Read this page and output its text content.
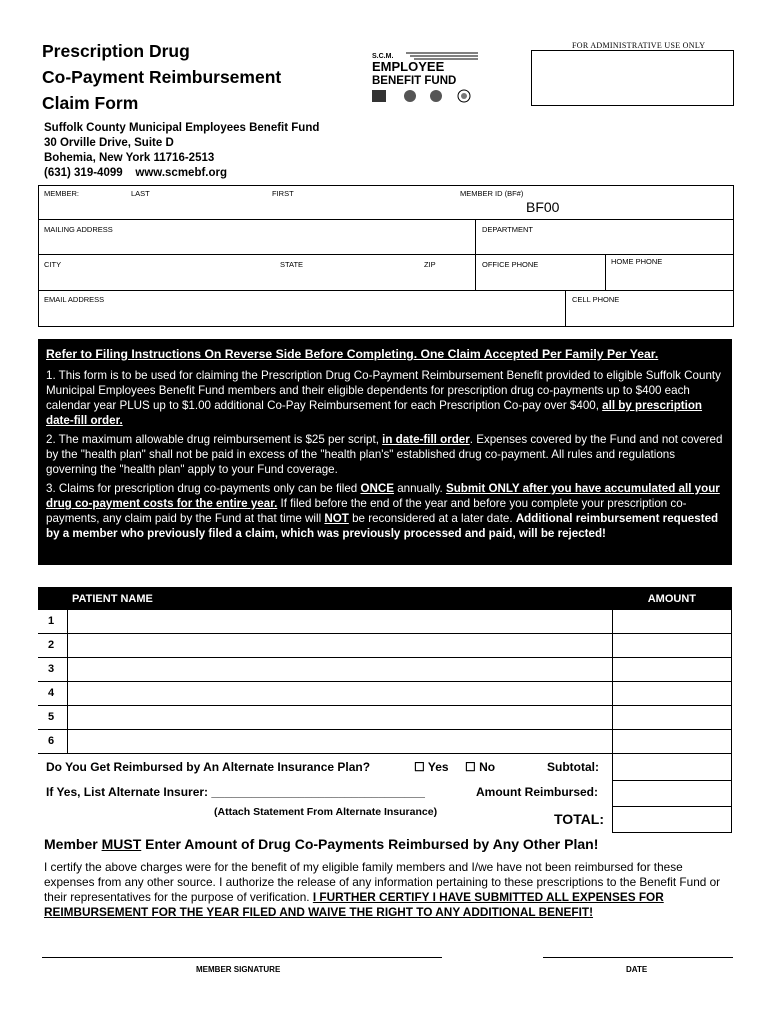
Prescription Drug
Co-Payment Reimbursement
Claim Form
S.C.M.
EMPLOYEE
BENEFIT FUND
FOR ADMINISTRATIVE USE ONLY
Suffolk County Municipal Employees Benefit Fund
30 Orville Drive, Suite D
Bohemia, New York 11716-2513
(631) 319-4099    www.scmebf.org
MEMBER:	LAST	FIRST	MEMBER ID (BF#)
BF00
MAILING ADDRESS	DEPARTMENT
CITY	STATE	ZIP	OFFICE PHONE	HOME PHONE
EMAIL ADDRESS	CELL PHONE
Refer to Filing Instructions On Reverse Side Before Completing. One Claim Accepted Per Family Per Year.

1. This form is to be used for claiming the Prescription Drug Co-Payment Reimbursement Benefit provided to eligible Suffolk County Municipal Employees Benefit Fund members and their eligible dependents for prescription drug co-payments up to $400 each calendar year PLUS up to $1.00 additional Co-Pay Reimbursement for each Prescription Co-pay over $400, all by prescription date-fill order.

2. The maximum allowable drug reimbursement is $25 per script, in date-fill order. Expenses covered by the Fund and not covered by the "health plan" shall not be paid in excess of the "health plan's" established drug co-payment. All rules and regulations governing the "health plan" apply to your Fund coverage.

3. Claims for prescription drug co-payments only can be filed ONCE annually. Submit ONLY after you have accumulated all your drug co-payment costs for the entire year. If filed before the end of the year and before you complete your prescription co-payments, any claim paid by the Fund at that time will NOT be reconsidered at a later date. Additional reimbursement requested by a member who previously filed a claim, which was previously processed and paid, will be rejected!

PATIENT NAME	AMOUNT
1
2
3
4
5
6
Do You Get Reimbursed by An Alternate Insurance Plan?	☐ Yes ☐ No	Subtotal:
If Yes, List Alternate Insurer: ________________________________	Amount Reimbursed:
(Attach Statement From Alternate Insurance)	TOTAL:
Member MUST Enter Amount of Drug Co-Payments Reimbursed by Any Other Plan!
I certify the above charges were for the benefit of my eligible family members and I/we have not been reimbursed for these expenses from any other source. I authorize the release of any information pertaining to these prescriptions to the Benefit Fund or their representatives for the purpose of verification. I FURTHER CERTIFY I HAVE SUBMITTED ALL EXPENSES FOR REIMBURSEMENT FOR THE YEAR FILED AND WAIVE THE RIGHT TO ANY ADDITIONAL BENEFIT!
MEMBER SIGNATURE	DATE
